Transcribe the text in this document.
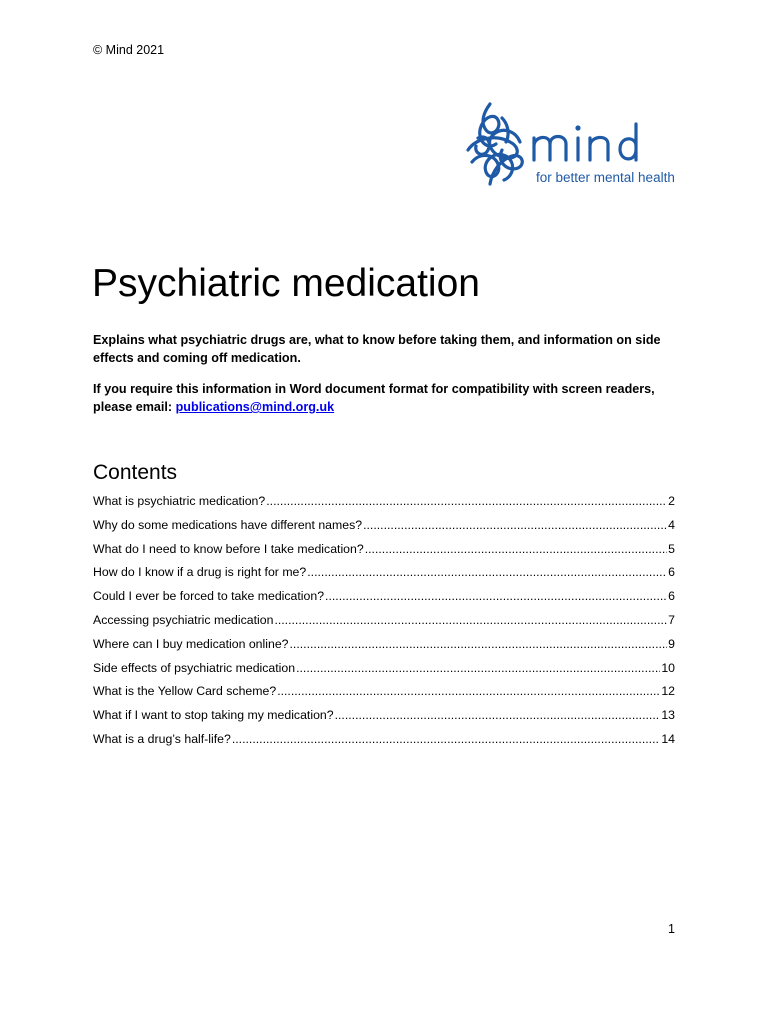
© Mind 2021
for better mental health
Psychiatric medication

Explains what psychiatric drugs are, what to know before taking them, and information on side effects and coming off medication.

If you require this information in Word document format for compatibility with screen readers, please email: publications@mind.org.uk

Contents
What is psychiatric medication? .....	2
Why do some medications have different names? .....	4
What do I need to know before I take medication? .....	5
How do I know if a drug is right for me? .....	6
Could I ever be forced to take medication? .....	6
Accessing psychiatric medication .....	7
Where can I buy medication online? .....	9
Side effects of psychiatric medication .....	10
What is the Yellow Card scheme? .....	12
What if I want to stop taking my medication? .....	13
What is a drug’s half-life? .....	14
1
